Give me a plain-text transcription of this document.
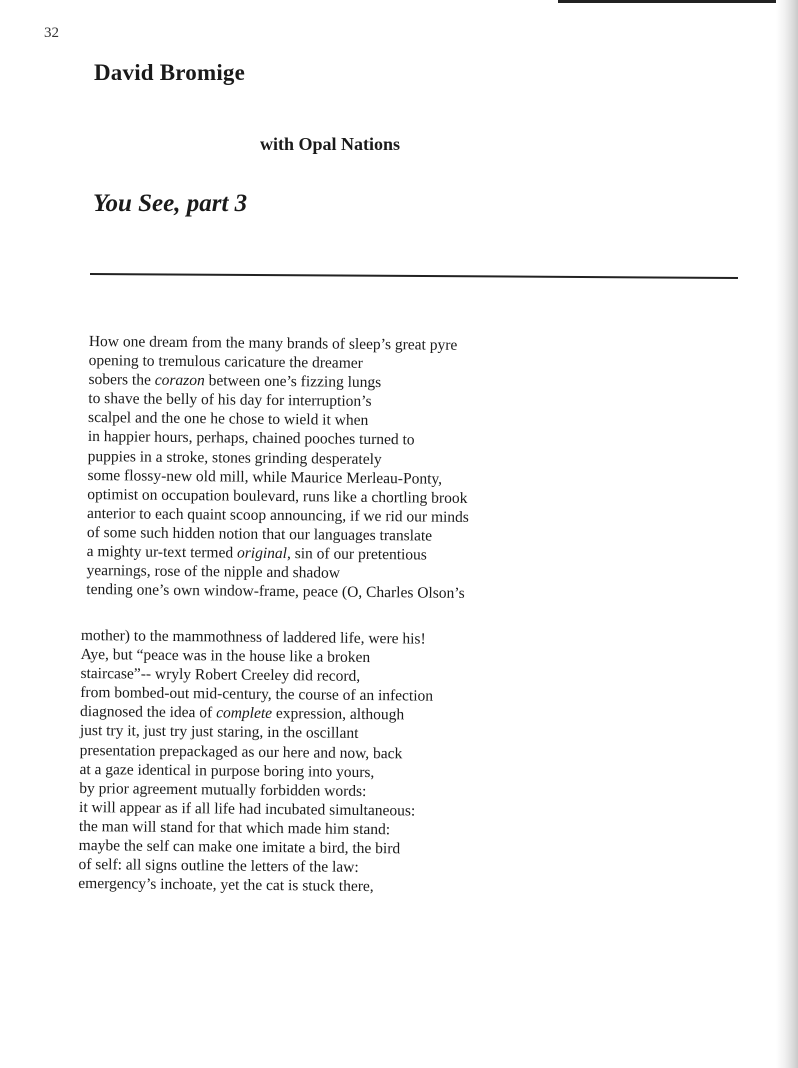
32
David Bromige
with Opal Nations
You See, part 3
How one dream from the many brands of sleep’s great pyre
opening to tremulous caricature the dreamer
sobers the corazon between one’s fizzing lungs
to shave the belly of his day for interruption’s
scalpel and the one he chose to wield it when
in happier hours, perhaps, chained pooches turned to
puppies in a stroke, stones grinding desperately
some flossy-new old mill, while Maurice Merleau-Ponty,
optimist on occupation boulevard, runs like a chortling brook
anterior to each quaint scoop announcing, if we rid our minds
of some such hidden notion that our languages translate
a mighty ur-text termed original, sin of our pretentious
yearnings, rose of the nipple and shadow
tending one’s own window-frame, peace (O, Charles Olson’s
mother) to the mammothness of laddered life, were his!
Aye, but “peace was in the house like a broken
staircase”-- wryly Robert Creeley did record,
from bombed-out mid-century, the course of an infection
diagnosed the idea of complete expression, although
just try it, just try just staring, in the oscillant
presentation prepackaged as our here and now, back
at a gaze identical in purpose boring into yours,
by prior agreement mutually forbidden words:
it will appear as if all life had incubated simultaneous:
the man will stand for that which made him stand:
maybe the self can make one imitate a bird, the bird
of self: all signs outline the letters of the law:
emergency’s inchoate, yet the cat is stuck there,
